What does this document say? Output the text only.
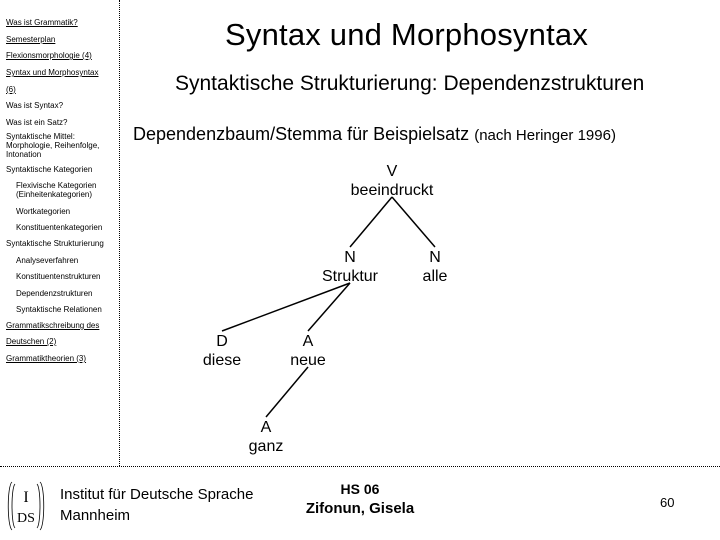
Was ist Grammatik?
Semesterplan
Flexionsmorphologie (4)
Syntax und Morphosyntax
(6)
Was ist Syntax?
Was ist ein Satz?
Syntaktische Mittel: Morphologie, Reihenfolge, Intonation
Syntaktische Kategorien
Flexivische Kategorien (Einheitenkategorien)
Wortkategorien
Konstituentenkategorien
Syntaktische Strukturierung
Analyseverfahren
Konstituentenstrukturen
Dependenzstrukturen
Syntaktische Relationen
Grammatikschreibung des
Deutschen (2)
Grammatiktheorien (3)
Syntax und Morphosyntax
Syntaktische Strukturierung: Dependenzstrukturen
Dependenzbaum/Stemma für Beispielsatz (nach Heringer 1996)
V
beeindruckt
N
Struktur
N
alle
D
diese
A
neue
A
ganz
I
DS
Institut für Deutsche Sprache
Mannheim
HS 06
Zifonun, Gisela	60
